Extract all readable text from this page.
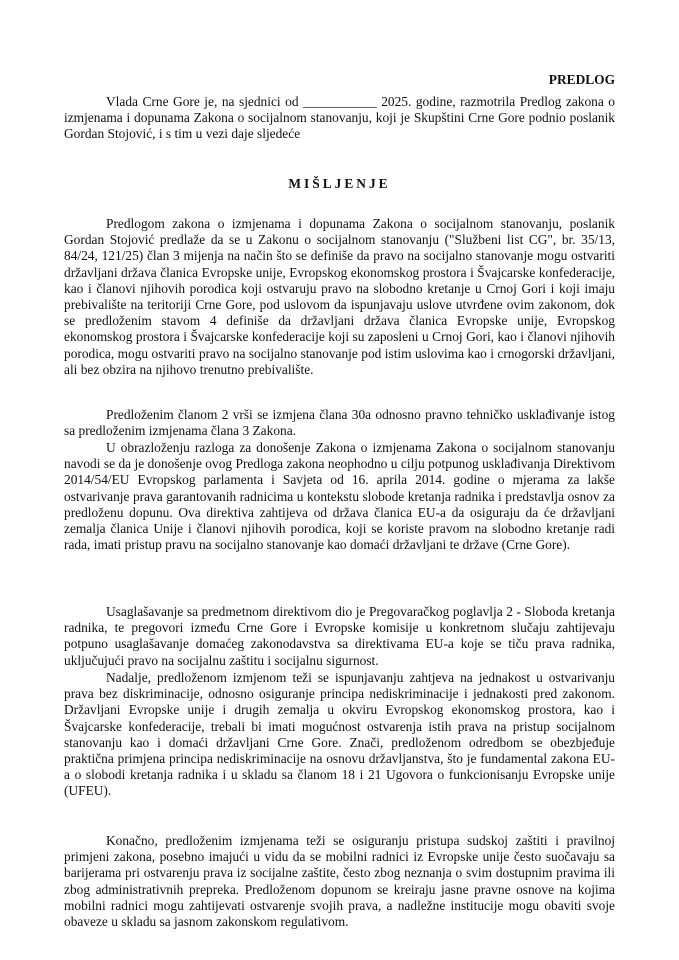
PREDLOG

Vlada Crne Gore je, na sjednici od ___________ 2025. godine, razmotrila Predlog zakona o izmjenama i dopunama Zakona o socijalnom stanovanju, koji je Skupštini Crne Gore podnio poslanik Gordan Stojović, i s tim u vezi daje sljedeće

MIŠLJENJE

Predlogom zakona o izmjenama i dopunama Zakona o socijalnom stanovanju, poslanik Gordan Stojović predlaže da se u Zakonu o socijalnom stanovanju ("Službeni list CG", br. 35/13, 84/24, 121/25) član 3 mijenja na način što se definiše da pravo na socijalno stanovanje mogu ostvariti državljani država članica Evropske unije, Evropskog ekonomskog prostora i Švajcarske konfederacije, kao i članovi njihovih porodica koji ostvaruju pravo na slobodno kretanje u Crnoj Gori i koji imaju prebivalište na teritoriji Crne Gore, pod uslovom da ispunjavaju uslove utvrđene ovim zakonom, dok se predloženim stavom 4 definiše da državljani država članica Evropske unije, Evropskog ekonomskog prostora i Švajcarske konfederacije koji su zaposleni u Crnoj Gori, kao i članovi njihovih porodica, mogu ostvariti pravo na socijalno stanovanje pod istim uslovima kao i crnogorski državljani, ali bez obzira na njihovo trenutno prebivalište.

Predloženim članom 2 vrši se izmjena člana 30a odnosno pravno tehničko usklađivanje istog sa predloženim izmjenama člana 3 Zakona.

U obrazloženju razloga za donošenje Zakona o izmjenama Zakona o socijalnom stanovanju navodi se da je donošenje ovog Predloga zakona neophodno u cilju potpunog usklađivanja Direktivom 2014/54/EU Evropskog parlamenta i Savjeta od 16. aprila 2014. godine o mjerama za lakše ostvarivanje prava garantovanih radnicima u kontekstu slobode kretanja radnika i predstavlja osnov za predloženu dopunu. Ova direktiva zahtijeva od država članica EU-a da osiguraju da će državljani zemalja članica Unije i članovi njihovih porodica, koji se koriste pravom na slobodno kretanje radi rada, imati pristup pravu na socijalno stanovanje kao domaći državljani te države (Crne Gore).

Usaglašavanje sa predmetnom direktivom dio je Pregovaračkog poglavlja 2 - Sloboda kretanja radnika, te pregovori između Crne Gore i Evropske komisije u konkretnom slučaju zahtijevaju potpuno usaglašavanje domaćeg zakonodavstva sa direktivama EU-a koje se tiču prava radnika, uključujući pravo na socijalnu zaštitu i socijalnu sigurnost.

Nadalje, predloženom izmjenom teži se ispunjavanju zahtjeva na jednakost u ostvarivanju prava bez diskriminacije, odnosno osiguranje principa nediskriminacije i jednakosti pred zakonom. Državljani Evropske unije i drugih zemalja u okviru Evropskog ekonomskog prostora, kao i Švajcarske konfederacije, trebali bi imati mogućnost ostvarenja istih prava na pristup socijalnom stanovanju kao i domaći državljani Crne Gore. Znači, predloženom odredbom se obezbjeđuje praktična primjena principa nediskriminacije na osnovu državljanstva, što je fundamental zakona EU-a o slobodi kretanja radnika i u skladu sa članom 18 i 21 Ugovora o funkcionisanju Evropske unije (UFEU).

Konačno, predloženim izmjenama teži se osiguranju pristupa sudskoj zaštiti i pravilnoj primjeni zakona, posebno imajući u vidu da se mobilni radnici iz Evropske unije često suočavaju sa barijerama pri ostvarenju prava iz socijalne zaštite, često zbog neznanja o svim dostupnim pravima ili zbog administrativnih prepreka. Predloženom dopunom se kreiraju jasne pravne osnove na kojima mobilni radnici mogu zahtijevati ostvarenje svojih prava, a nadležne institucije mogu obaviti svoje obaveze u skladu sa jasnom zakonskom regulativom.
